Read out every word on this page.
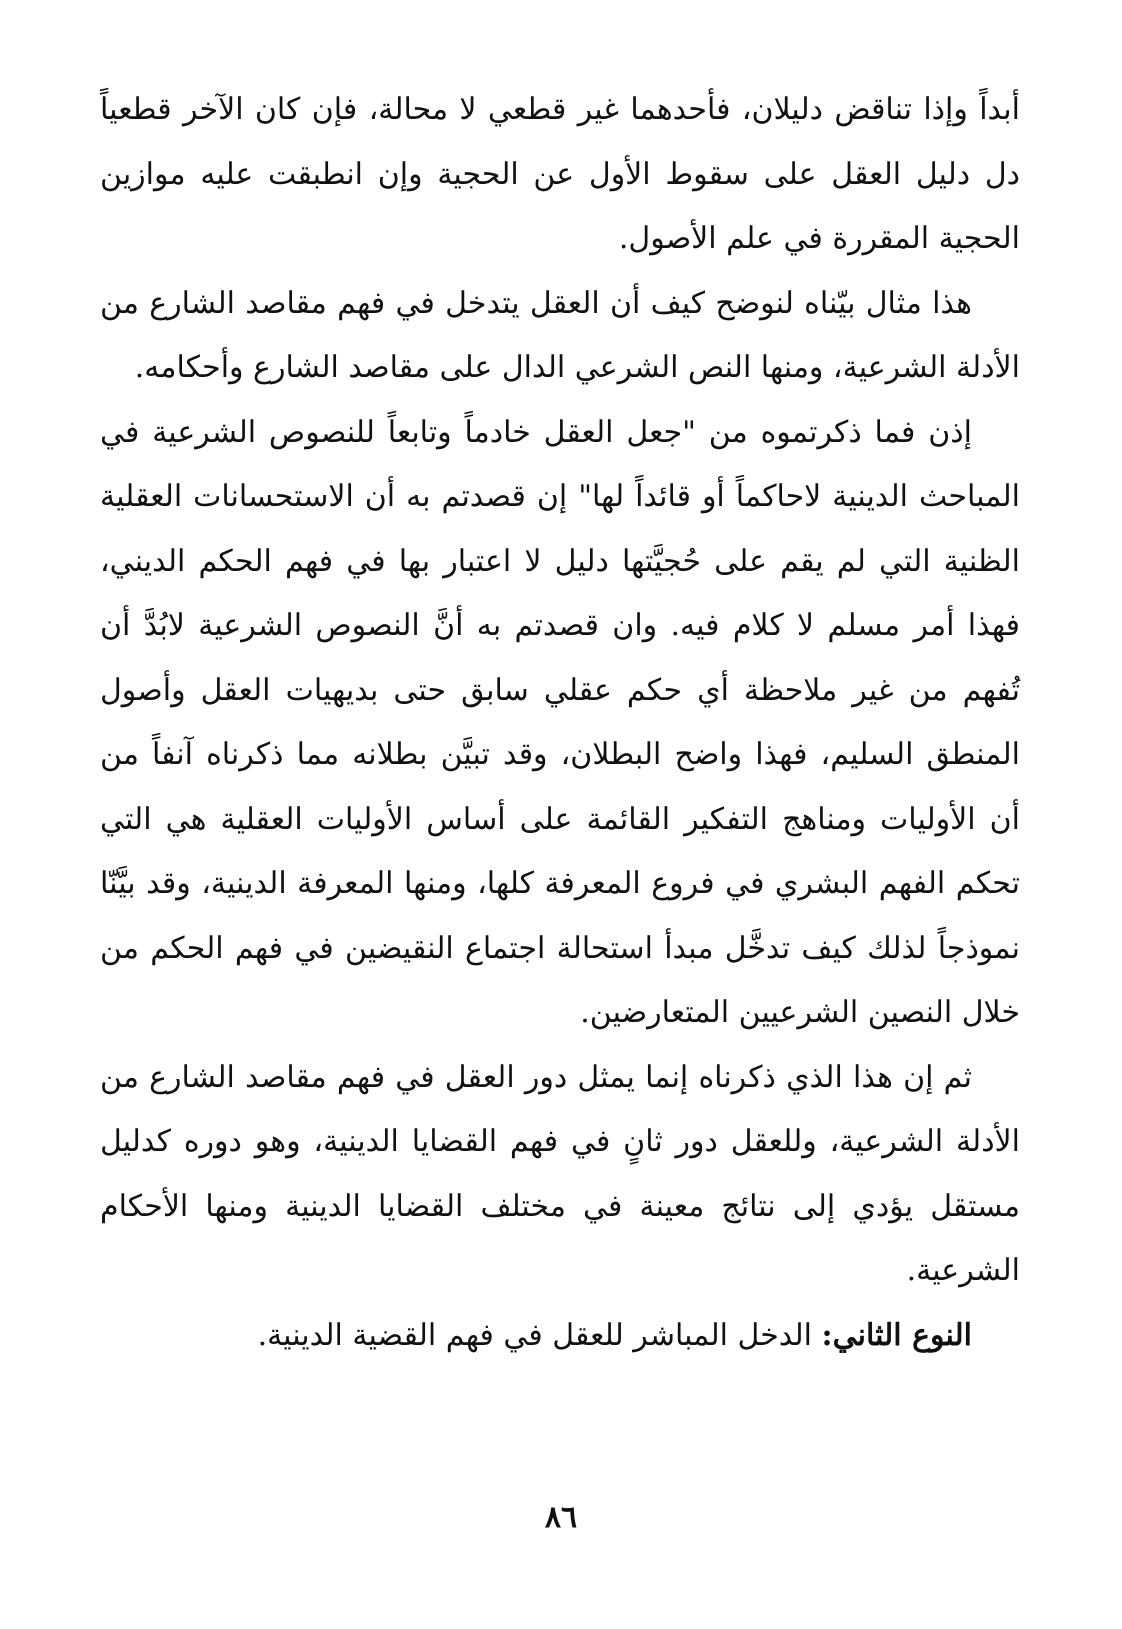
أبداً وإذا تناقض دليلان، فأحدهما غير قطعي لا محالة، فإن كان الآخر قطعياً دل دليل العقل على سقوط الأول عن الحجية وإن انطبقت عليه موازين الحجية المقررة في علم الأصول.

هذا مثال بيّناه لنوضح كيف أن العقل يتدخل في فهم مقاصد الشارع من الأدلة الشرعية، ومنها النص الشرعي الدال على مقاصد الشارع وأحكامه.

إذن فما ذكرتموه من "جعل العقل خادماً وتابعاً للنصوص الشرعية في المباحث الدينية لاحاكماً أو قائداً لها" إن قصدتم به أن الاستحسانات العقلية الظنية التي لم يقم على حُجيَّتها دليل لا اعتبار بها في فهم الحكم الديني، فهذا أمر مسلم لا كلام فيه. وان قصدتم به أنَّ النصوص الشرعية لابُدَّ أن تُفهم من غير ملاحظة أي حكم عقلي سابق حتى بديهيات العقل وأصول المنطق السليم، فهذا واضح البطلان، وقد تبيَّن بطلانه مما ذكرناه آنفاً من أن الأوليات ومناهج التفكير القائمة على أساس الأوليات العقلية هي التي تحكم الفهم البشري في فروع المعرفة كلها، ومنها المعرفة الدينية، وقد بيَّنّا نموذجاً لذلك كيف تدخَّل مبدأ استحالة اجتماع النقيضين في فهم الحكم من خلال النصين الشرعيين المتعارضين.

ثم إن هذا الذي ذكرناه إنما يمثل دور العقل في فهم مقاصد الشارع من الأدلة الشرعية، وللعقل دور ثانٍ في فهم القضايا الدينية، وهو دوره كدليل مستقل يؤدي إلى نتائج معينة في مختلف القضايا الدينية ومنها الأحكام الشرعية.

النوع الثاني: الدخل المباشر للعقل في فهم القضية الدينية.

٨٦
